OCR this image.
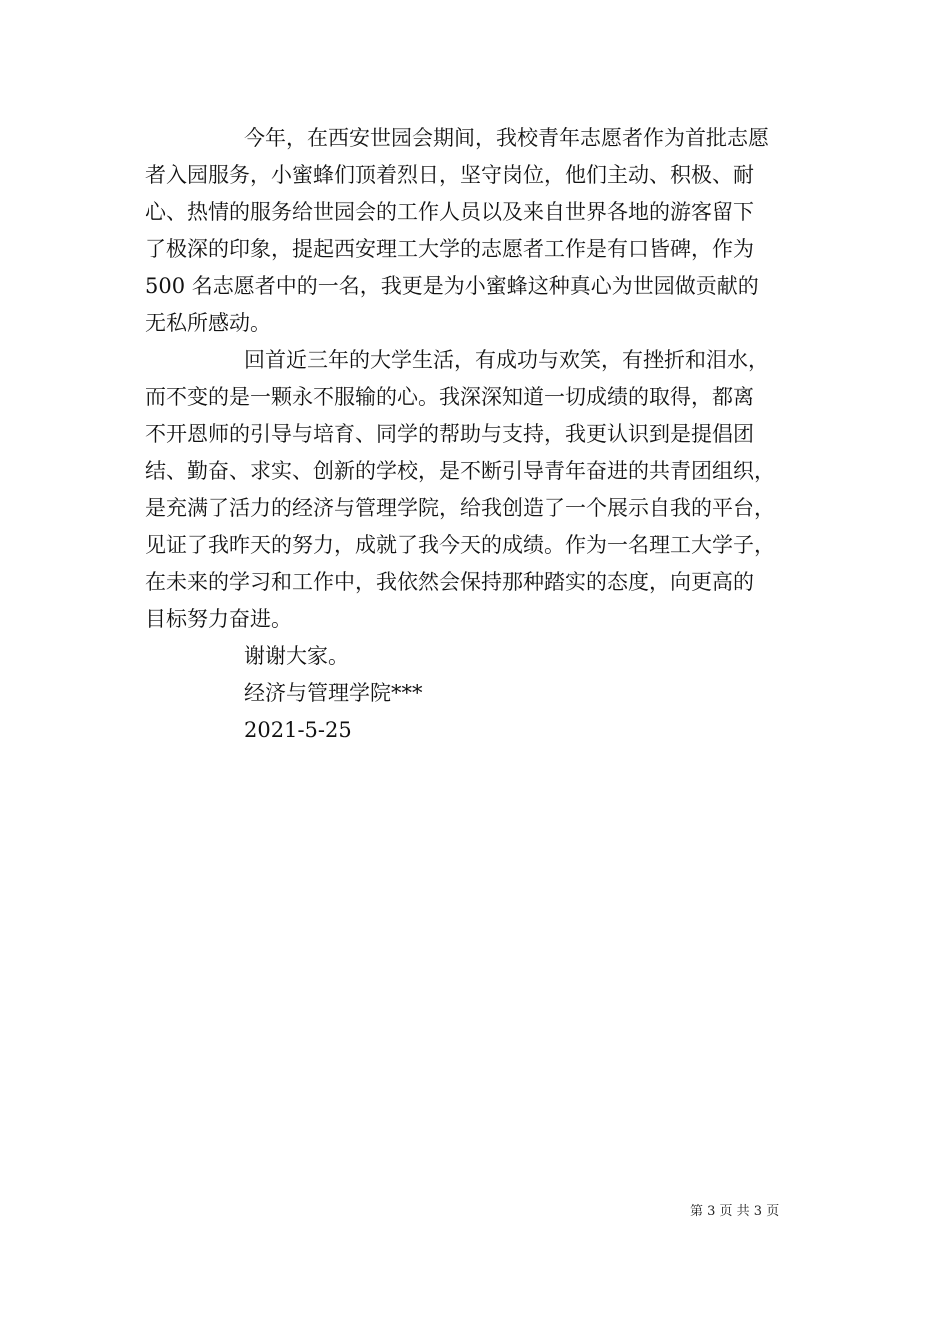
今年，在西安世园会期间，我校青年志愿者作为首批志愿
者入园服务，小蜜蜂们顶着烈日，坚守岗位，他们主动、积极、耐
心、热情的服务给世园会的工作人员以及来自世界各地的游客留下
了极深的印象，提起西安理工大学的志愿者工作是有口皆碑，作为
500 名志愿者中的一名，我更是为小蜜蜂这种真心为世园做贡献的
无私所感动。
回首近三年的大学生活，有成功与欢笑，有挫折和泪水，
而不变的是一颗永不服输的心。我深深知道一切成绩的取得，都离
不开恩师的引导与培育、同学的帮助与支持，我更认识到是提倡团
结、勤奋、求实、创新的学校，是不断引导青年奋进的共青团组织，
是充满了活力的经济与管理学院，给我创造了一个展示自我的平台，
见证了我昨天的努力，成就了我今天的成绩。作为一名理工大学子，
在未来的学习和工作中，我依然会保持那种踏实的态度，向更高的
目标努力奋进。
谢谢大家。
经济与管理学院***
2021-5-25
第 3 页 共 3 页
